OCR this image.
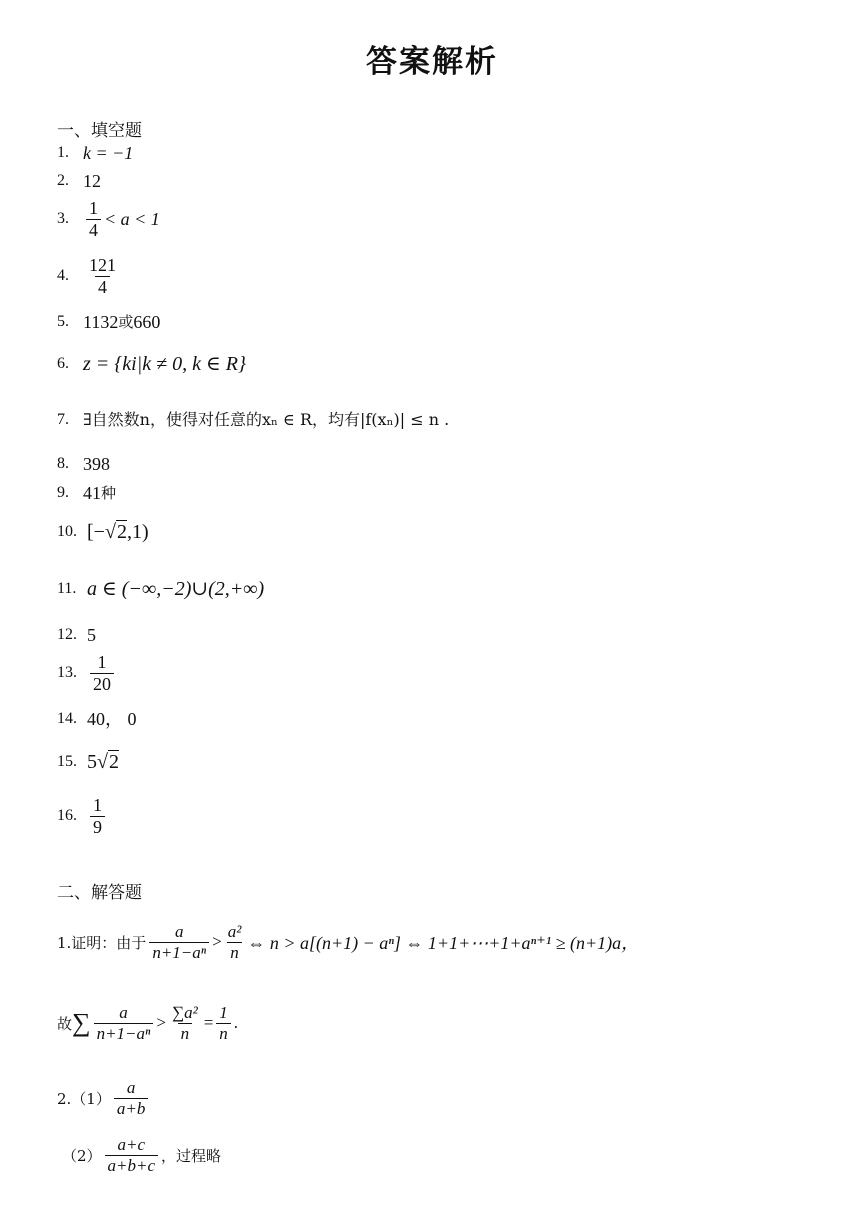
答案解析
一、填空题
1. k = −1
2. 12
3. $\frac{1}{4} < a < 1$
4. $\frac{121}{4}$
5. 1132 或 660
6. z = {ki|k ≠ 0, k ∈ R}
7. ∃自然数n，使得对任意的xₙ ∈ R，均有|f(xₙ)| ≤ n .
8. 398
9. 41 种
10. [− √2 ,1)
11. a ∈ (−∞,−2)∪(2,+∞)
12. 5
13. $\frac{1}{20}$
14. 40， 0
15. 5 √2
16. $\frac{1}{9}$
二、解答题
1.证明：由于 $\frac{a}{\text{n+1−aⁿ}} > \frac{\text{a²}}{n}$ ⇔ n > a[(n+1) − aⁿ] ⇔ 1+1+⋯+1+aⁿ⁺¹ ≥ (n+1)a，
故 ∑ $\frac{a}{\text{n+1−aⁿ}} > \frac{\text{∑a²}}{n} = \frac{1}{n}$ .
$2.(1) \frac{a}{a+b}$
$(2) \frac{a+c}{a+b+c}$ ，过程略
